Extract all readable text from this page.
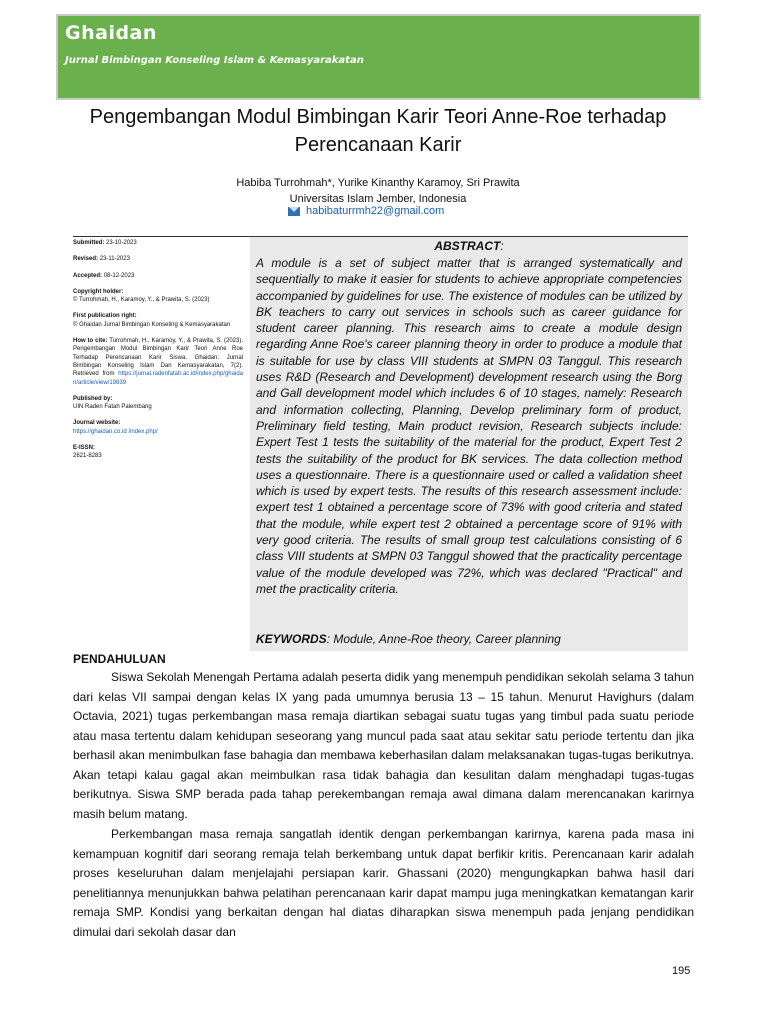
Ghaidan
Jurnal Bimbingan Konseling Islam & Kemasyarakatan
Pengembangan Modul Bimbingan Karir Teori Anne-Roe terhadap Perencanaan Karir
Habiba Turrohmah*, Yurike Kinanthy Karamoy, Sri Prawita
Universitas Islam Jember, Indonesia
habibaturrmh22@gmail.com
Submitted: 23-10-2023
Revised: 23-11-2023
Accepted: 08-12-2023
Copyright holder:
© Turrohmah, H., Karamoy, Y., & Prawita, S. (2023)
First publication right:
© Ghaidan Jurnal Bimbingan Konseling & Kemasyarakatan
How to cite: Turrohmah, H., Karamoy, Y., & Prawita, S. (2023). Pengembangan Modul Bimbingan Karir Teori Anne Roe Terhadap Perencanaan Karir Siswa. Ghaidan: Jurnal Bimbingan Konseling Islam Dan Kemasyarakatan, 7(2). Retrieved from https://jurnal.radenfatah.ac.id/index.php/ghaidan/article/view/19839
Published by:
UIN Raden Fatah Palembang
Journal website:
https://ghaidan.co.id /index.php/
E-ISSN:
2621-8283
ABSTRACT:
A module is a set of subject matter that is arranged systematically and sequentially to make it easier for students to achieve appropriate competencies accompanied by guidelines for use. The existence of modules can be utilized by BK teachers to carry out services in schools such as career guidance for student career planning. This research aims to create a module design regarding Anne Roe's career planning theory in order to produce a module that is suitable for use by class VIII students at SMPN 03 Tanggul. This research uses R&D (Research and Development) development research using the Borg and Gall development model which includes 6 of 10 stages, namely: Research and information collecting, Planning, Develop preliminary form of product, Preliminary field testing, Main product revision, Research subjects include: Expert Test 1 tests the suitability of the material for the product, Expert Test 2 tests the suitability of the product for BK services. The data collection method uses a questionnaire. There is a questionnaire used or called a validation sheet which is used by expert tests. The results of this research assessment include: expert test 1 obtained a percentage score of 73% with good criteria and stated that the module, while expert test 2 obtained a percentage score of 91% with very good criteria. The results of small group test calculations consisting of 6 class VIII students at SMPN 03 Tanggul showed that the practicality percentage value of the module developed was 72%, which was declared "Practical" and met the practicality criteria.
KEYWORDS: Module, Anne-Roe theory, Career planning
PENDAHULUAN

Siswa Sekolah Menengah Pertama adalah peserta didik yang menempuh pendidikan sekolah selama 3 tahun dari kelas VII sampai dengan kelas IX yang pada umumnya berusia 13 – 15 tahun. Menurut Havighurs (dalam Octavia, 2021) tugas perkembangan masa remaja diartikan sebagai suatu tugas yang timbul pada suatu periode atau masa tertentu dalam kehidupan seseorang yang muncul pada saat atau sekitar satu periode tertentu dan jika berhasil akan menimbulkan fase bahagia dan membawa keberhasilan dalam melaksanakan tugas-tugas berikutnya. Akan tetapi kalau gagal akan meimbulkan rasa tidak bahagia dan kesulitan dalam menghadapi tugas-tugas berikutnya. Siswa SMP berada pada tahap perekembangan remaja awal dimana dalam merencanakan karirnya masih belum matang.

Perkembangan masa remaja sangatlah identik dengan perkembangan karirnya, karena pada masa ini kemampuan kognitif dari seorang remaja telah berkembang untuk dapat berfikir kritis. Perencanaan karir adalah proses keseluruhan dalam menjelajahi persiapan karir. Ghassani (2020) mengungkapkan bahwa hasil dari penelitiannya menunjukkan bahwa pelatihan perencanaan karir dapat mampu juga meningkatkan kematangan karir remaja SMP. Kondisi yang berkaitan dengan hal diatas diharapkan siswa menempuh pada jenjang pendidikan dimulai dari sekolah dasar dan

195
